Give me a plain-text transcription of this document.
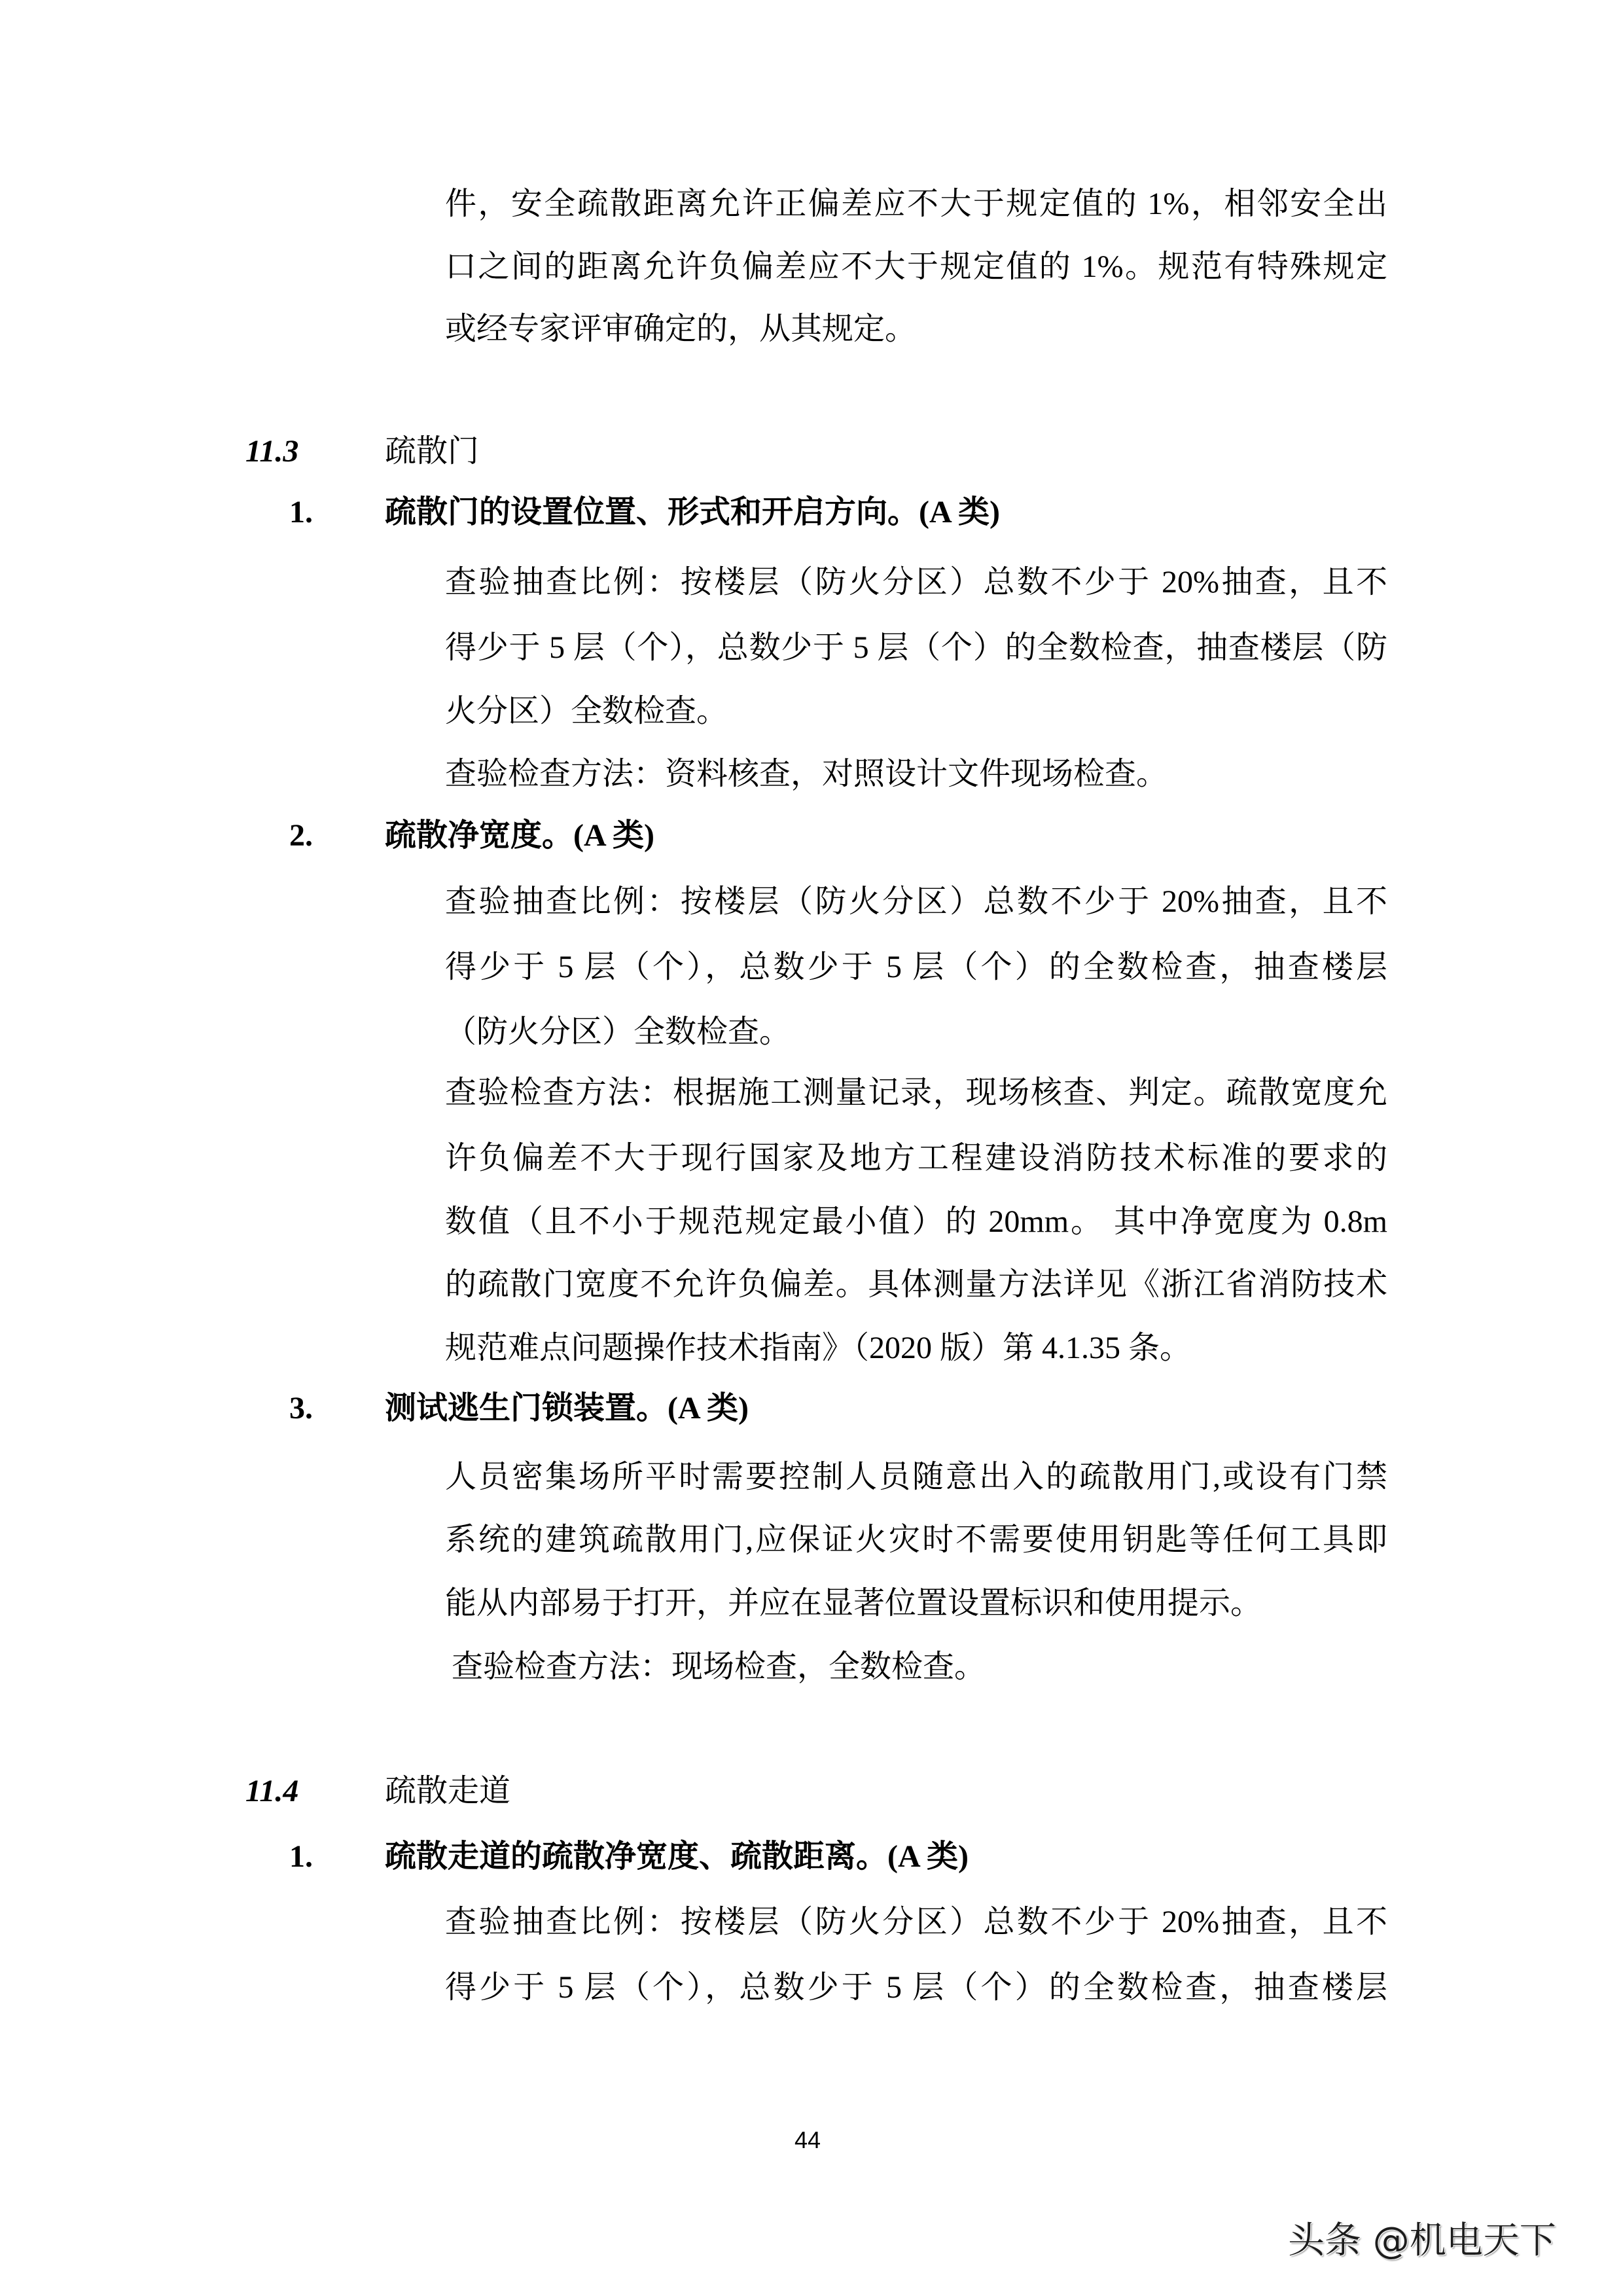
件，安全疏散距离允许正偏差应不大于规定值的 1%，相邻安全出
口之间的距离允许负偏差应不大于规定值的 1%。规范有特殊规定
或经专家评审确定的，从其规定。
11.3	疏散门
1. 疏散门的设置位置、形式和开启方向。(A 类)
查验抽查比例：按楼层（防火分区）总数不少于 20%抽查，且不
得少于 5 层（个），总数少于 5 层（个）的全数检查，抽查楼层（防
火分区）全数检查。
查验检查方法：资料核查，对照设计文件现场检查。
2. 疏散净宽度。(A 类)
查验抽查比例：按楼层（防火分区）总数不少于 20%抽查，且不
得少于 5 层（个），总数少于 5 层（个）的全数检查，抽查楼层
（防火分区）全数检查。
查验检查方法：根据施工测量记录，现场核查、判定。疏散宽度允
许负偏差不大于现行国家及地方工程建设消防技术标准的要求的
数值（且不小于规范规定最小值）的 20mm。 其中净宽度为 0.8m
的疏散门宽度不允许负偏差。具体测量方法详见《浙江省消防技术
规范难点问题操作技术指南》（2020 版）第 4.1.35 条。
3. 测试逃生门锁装置。(A 类)
人员密集场所平时需要控制人员随意出入的疏散用门,或设有门禁
系统的建筑疏散用门,应保证火灾时不需要使用钥匙等任何工具即
能从内部易于打开，并应在显著位置设置标识和使用提示。
查验检查方法：现场检查，全数检查。
11.4	疏散走道
1. 疏散走道的疏散净宽度、疏散距离。(A 类)
查验抽查比例：按楼层（防火分区）总数不少于 20%抽查，且不
得少于 5 层（个），总数少于 5 层（个）的全数检查，抽查楼层
44
头条 @机电天下
